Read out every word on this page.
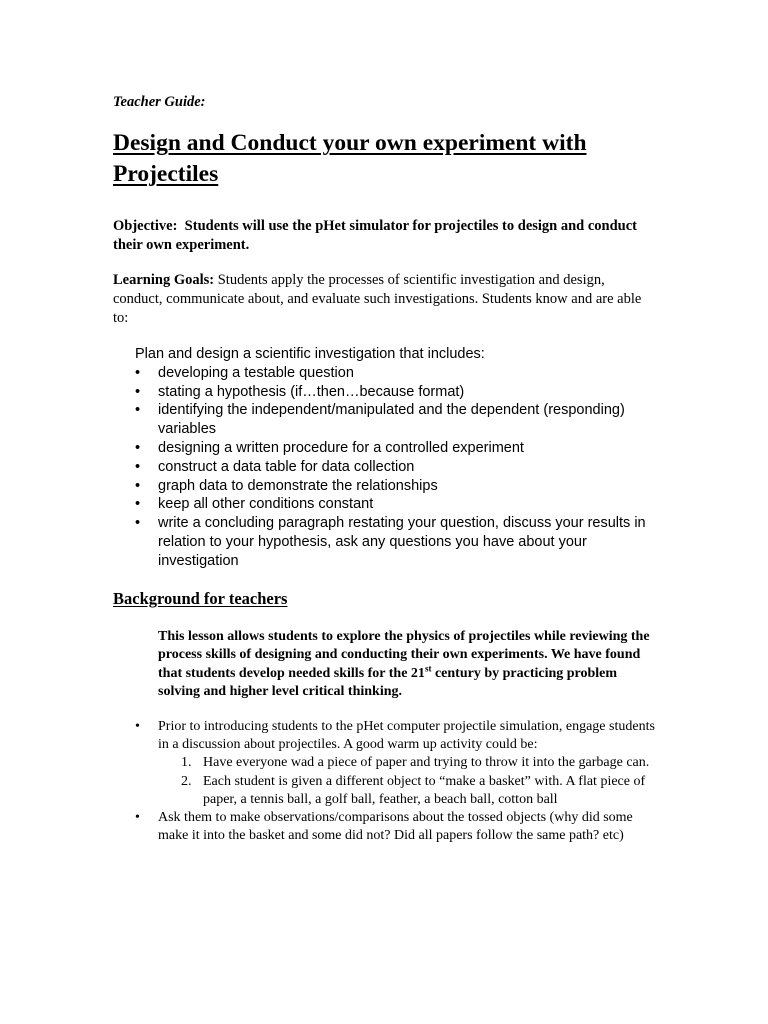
Teacher Guide:
Design and Conduct your own experiment with Projectiles
Objective: Students will use the pHet simulator for projectiles to design and conduct their own experiment.
Learning Goals: Students apply the processes of scientific investigation and design, conduct, communicate about, and evaluate such investigations. Students know and are able to:
Plan and design a scientific investigation that includes:
• developing a testable question
• stating a hypothesis (if…then…because format)
• identifying the independent/manipulated and the dependent (responding) variables
• designing a written procedure for a controlled experiment
• construct a data table for data collection
• graph data to demonstrate the relationships
• keep all other conditions constant
• write a concluding paragraph restating your question, discuss your results in relation to your hypothesis, ask any questions you have about your investigation
Background for teachers
This lesson allows students to explore the physics of projectiles while reviewing the process skills of designing and conducting their own experiments. We have found that students develop needed skills for the 21st century by practicing problem solving and higher level critical thinking.
• Prior to introducing students to the pHet computer projectile simulation, engage students in a discussion about projectiles. A good warm up activity could be:
1. Have everyone wad a piece of paper and trying to throw it into the garbage can.
2. Each student is given a different object to “make a basket” with. A flat piece of paper, a tennis ball, a golf ball, feather, a beach ball, cotton ball
• Ask them to make observations/comparisons about the tossed objects (why did some make it into the basket and some did not? Did all papers follow the same path? etc)
